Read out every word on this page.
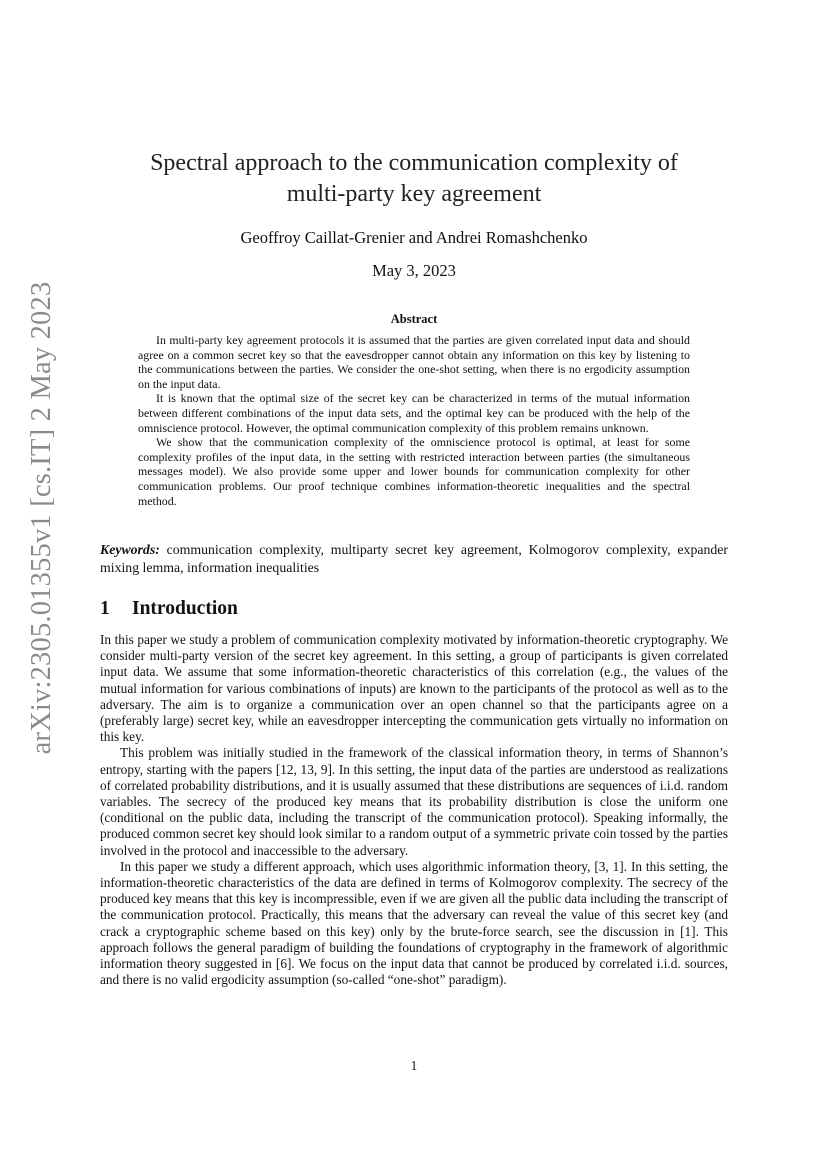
arXiv:2305.01355v1 [cs.IT] 2 May 2023
Spectral approach to the communication complexity of
multi-party key agreement
Geoffroy Caillat-Grenier and Andrei Romashchenko
May 3, 2023
Abstract

In multi-party key agreement protocols it is assumed that the parties are given correlated input data and should agree on a common secret key so that the eavesdropper cannot obtain any information on this key by listening to the communications between the parties. We consider the one-shot setting, when there is no ergodicity assumption on the input data.

It is known that the optimal size of the secret key can be characterized in terms of the mutual information between different combinations of the input data sets, and the optimal key can be produced with the help of the omniscience protocol. However, the optimal communication complexity of this problem remains unknown.

We show that the communication complexity of the omniscience protocol is optimal, at least for some complexity profiles of the input data, in the setting with restricted interaction between parties (the simultaneous messages model). We also provide some upper and lower bounds for communication complexity for other communication problems. Our proof technique combines information-theoretic inequalities and the spectral method.

Keywords: communication complexity, multiparty secret key agreement, Kolmogorov complexity, expander mixing lemma, information inequalities
1 Introduction

In this paper we study a problem of communication complexity motivated by information-theoretic cryptography. We consider multi-party version of the secret key agreement. In this setting, a group of participants is given correlated input data. We assume that some information-theoretic characteristics of this correlation (e.g., the values of the mutual information for various combinations of inputs) are known to the participants of the protocol as well as to the adversary. The aim is to organize a communication over an open channel so that the participants agree on a (preferably large) secret key, while an eavesdropper intercepting the communication gets virtually no information on this key.

This problem was initially studied in the framework of the classical information theory, in terms of Shannon’s entropy, starting with the papers [12, 13, 9]. In this setting, the input data of the parties are understood as realizations of correlated probability distributions, and it is usually assumed that these distributions are sequences of i.i.d. random variables. The secrecy of the produced key means that its probability distribution is close the uniform one (conditional on the public data, including the transcript of the communication protocol). Speaking informally, the produced common secret key should look similar to a random output of a symmetric private coin tossed by the parties involved in the protocol and inaccessible to the adversary.

In this paper we study a different approach, which uses algorithmic information theory, [3, 1]. In this setting, the information-theoretic characteristics of the data are defined in terms of Kolmogorov complexity. The secrecy of the produced key means that this key is incompressible, even if we are given all the public data including the transcript of the communication protocol. Practically, this means that the adversary can reveal the value of this secret key (and crack a cryptographic scheme based on this key) only by the brute-force search, see the discussion in [1]. This approach follows the general paradigm of building the foundations of cryptography in the framework of algorithmic information theory suggested in [6]. We focus on the input data that cannot be produced by correlated i.i.d. sources, and there is no valid ergodicity assumption (so-called “one-shot” paradigm).

1
